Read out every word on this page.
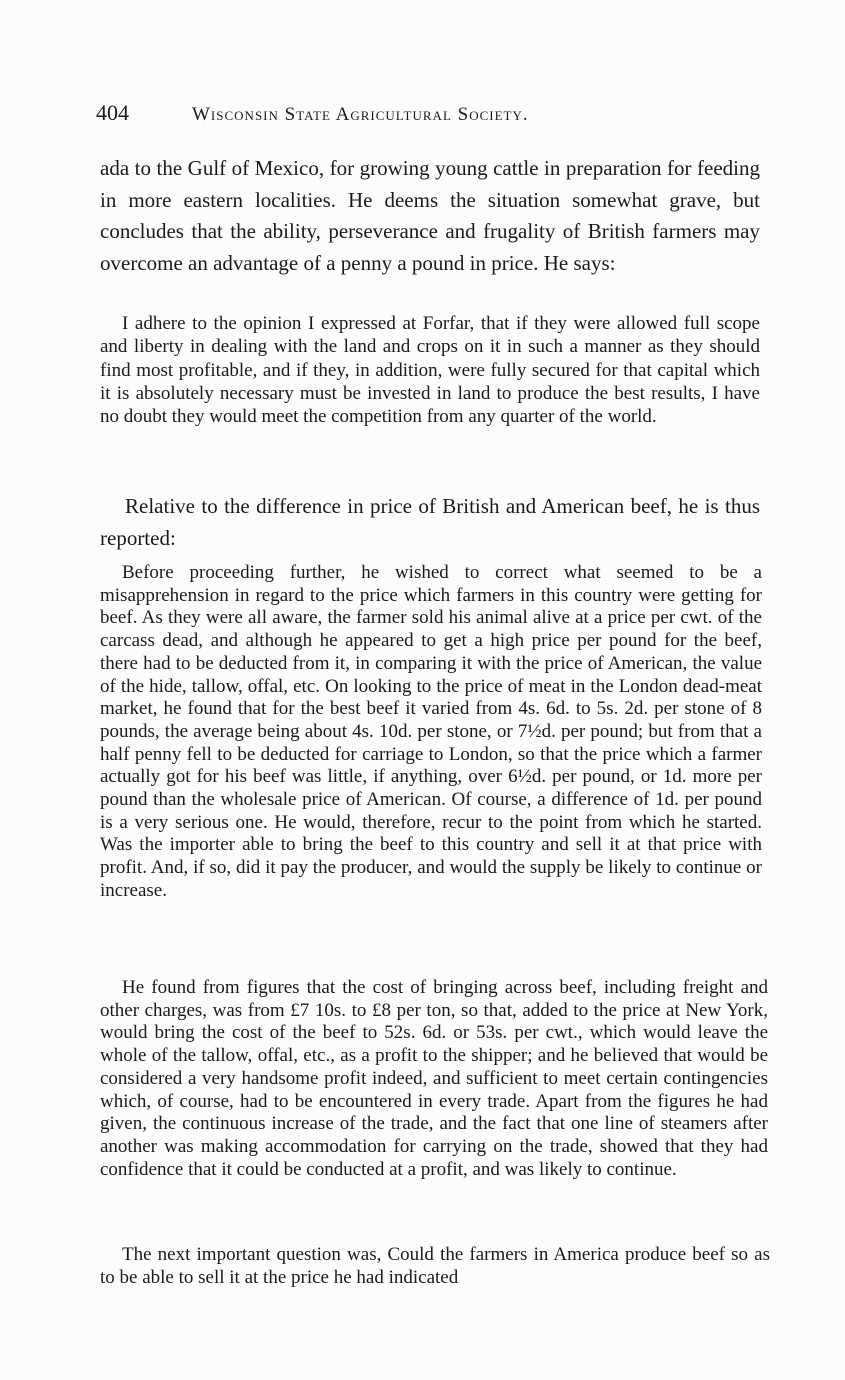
404	Wisconsin State Agricultural Society.

ada to the Gulf of Mexico, for growing young cattle in preparation for feeding in more eastern localities. He deems the situation somewhat grave, but concludes that the ability, perseverance and frugality of British farmers may overcome an advantage of a penny a pound in price. He says:

I adhere to the opinion I expressed at Forfar, that if they were allowed full scope and liberty in dealing with the land and crops on it in such a manner as they should find most profitable, and if they, in addition, were fully secured for that capital which it is absolutely necessary must be invested in land to produce the best results, I have no doubt they would meet the competition from any quarter of the world.

Relative to the difference in price of British and American beef, he is thus reported:

Before proceeding further, he wished to correct what seemed to be a misapprehension in regard to the price which farmers in this country were getting for beef. As they were all aware, the farmer sold his animal alive at a price per cwt. of the carcass dead, and although he appeared to get a high price per pound for the beef, there had to be deducted from it, in comparing it with the price of American, the value of the hide, tallow, offal, etc. On looking to the price of meat in the London dead-meat market, he found that for the best beef it varied from 4s. 6d. to 5s. 2d. per stone of 8 pounds, the average being about 4s. 10d. per stone, or 7½d. per pound; but from that a half penny fell to be deducted for carriage to London, so that the price which a farmer actually got for his beef was little, if anything, over 6½d. per pound, or 1d. more per pound than the wholesale price of American. Of course, a difference of 1d. per pound is a very serious one. He would, therefore, recur to the point from which he started. Was the importer able to bring the beef to this country and sell it at that price with profit. And, if so, did it pay the producer, and would the supply be likely to continue or increase.

He found from figures that the cost of bringing across beef, including freight and other charges, was from £7 10s. to £8 per ton, so that, added to the price at New York, would bring the cost of the beef to 52s. 6d. or 53s. per cwt., which would leave the whole of the tallow, offal, etc., as a profit to the shipper; and he believed that would be considered a very handsome profit indeed, and sufficient to meet certain contingencies which, of course, had to be encountered in every trade. Apart from the figures he had given, the continuous increase of the trade, and the fact that one line of steamers after another was making accommodation for carrying on the trade, showed that they had confidence that it could be conducted at a profit, and was likely to continue.

The next important question was, Could the farmers in America produce beef so as to be able to sell it at the price he had indicated
